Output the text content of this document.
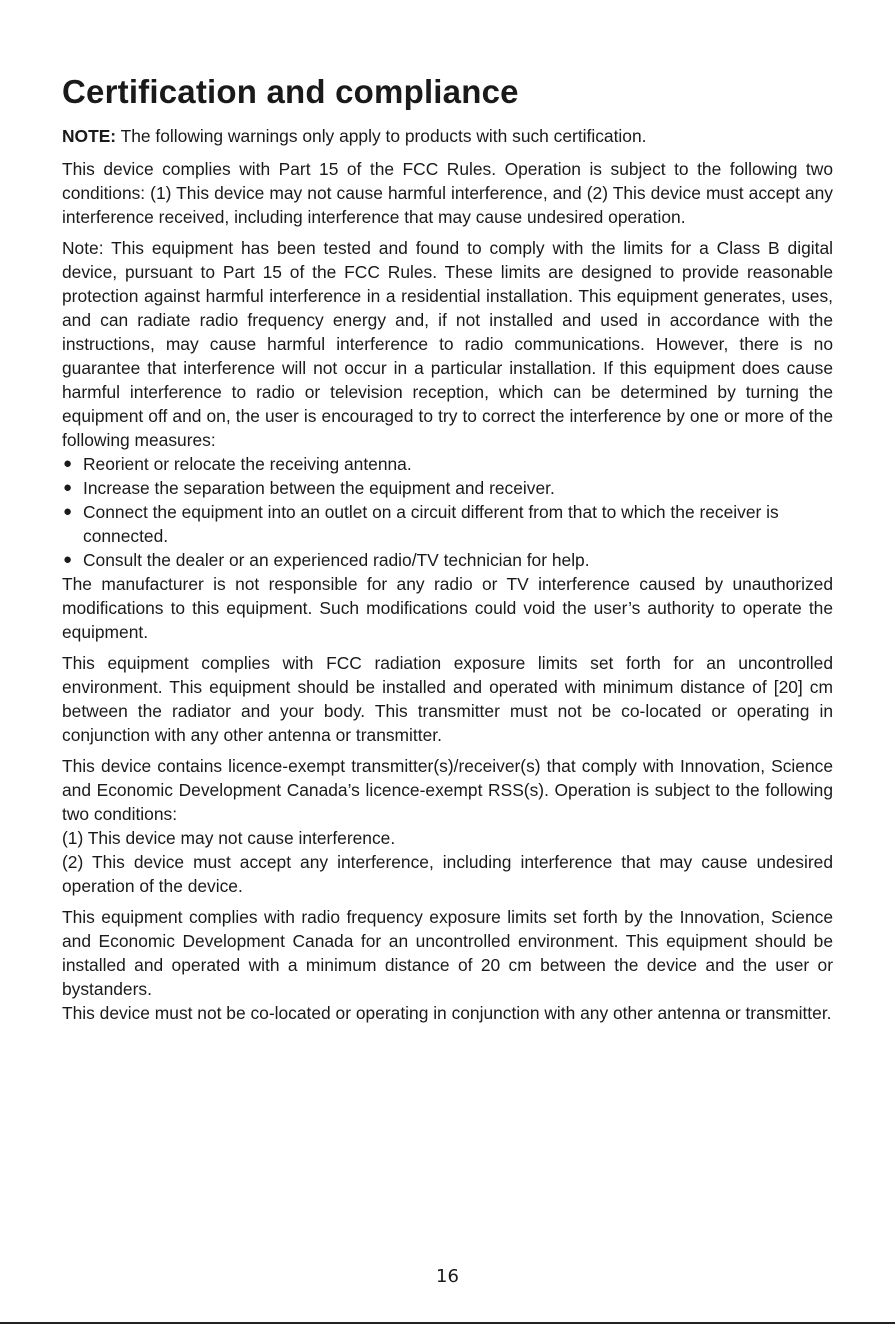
Certification and compliance
NOTE: The following warnings only apply to products with such certification.

This device complies with Part 15 of the FCC Rules. Operation is subject to the following two conditions: (1) This device may not cause harmful interference, and (2) This device must accept any interference received, including interference that may cause undesired operation.

Note: This equipment has been tested and found to comply with the limits for a Class B digital device, pursuant to Part 15 of the FCC Rules. These limits are designed to provide reasonable protection against harmful interference in a residential installation. This equipment generates, uses, and can radiate radio frequency energy and, if not installed and used in accordance with the instructions, may cause harmful interference to radio communications. However, there is no guarantee that interference will not occur in a particular installation. If this equipment does cause harmful interference to radio or television reception, which can be determined by turning the equipment off and on, the user is encouraged to try to correct the interference by one or more of the following measures:

● Reorient or relocate the receiving antenna.
● Increase the separation between the equipment and receiver.
● Connect the equipment into an outlet on a circuit different from that to which the receiver is connected.
● Consult the dealer or an experienced radio/TV technician for help.

The manufacturer is not responsible for any radio or TV interference caused by unauthorized modifications to this equipment. Such modifications could void the user’s authority to operate the equipment.

This equipment complies with FCC radiation exposure limits set forth for an uncontrolled environment. This equipment should be installed and operated with minimum distance of [20] cm between the radiator and your body. This transmitter must not be co-located or operating in conjunction with any other antenna or transmitter.

This device contains licence-exempt transmitter(s)/receiver(s) that comply with Innovation, Science and Economic Development Canada’s licence-exempt RSS(s). Operation is subject to the following two conditions:

(1) This device may not cause interference.

(2) This device must accept any interference, including interference that may cause undesired operation of the device.

This equipment complies with radio frequency exposure limits set forth by the Innovation, Science and Economic Development Canada for an uncontrolled environment. This equipment should be installed and operated with a minimum distance of 20 cm between the device and the user or bystanders.

This device must not be co-located or operating in conjunction with any other antenna or transmitter.

16
